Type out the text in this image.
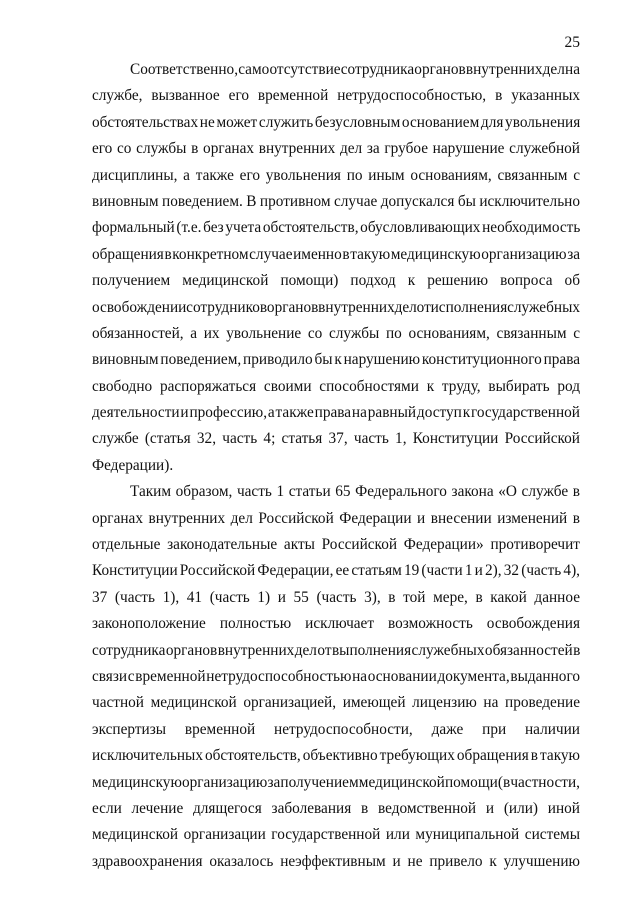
25
Соответственно, само отсутствие сотрудника органов внутренних дел на
службе, вызванное его временной нетрудоспособностью, в указанных
обстоятельствах не может служить безусловным основанием для увольнения
его со службы в органах внутренних дел за грубое нарушение служебной
дисциплины, а также его увольнения по иным основаниям, связанным с
виновным поведением. В противном случае допускался бы исключительно
формальный (т.е. без учета обстоятельств, обусловливающих необходимость
обращения в конкретном случае именно в такую медицинскую организацию за
получением медицинской помощи) подход к решению вопроса об
освобождении сотрудников органов внутренних дел от исполнения служебных
обязанностей, а их увольнение со службы по основаниям, связанным с
виновным поведением, приводило бы к нарушению конституционного права
свободно распоряжаться своими способностями к труду, выбирать род
деятельности и профессию, а также права на равный доступ к государственной
службе (статья 32, часть 4; статья 37, часть 1, Конституции Российской
Федерации).
Таким образом, часть 1 статьи 65 Федерального закона «О службе в
органах внутренних дел Российской Федерации и внесении изменений в
отдельные законодательные акты Российской Федерации» противоречит
Конституции Российской Федерации, ее статьям 19 (части 1 и 2), 32 (часть 4),
37 (часть 1), 41 (часть 1) и 55 (часть 3), в той мере, в какой данное
законоположение полностью исключает возможность освобождения
сотрудника органов внутренних дел от выполнения служебных обязанностей в
связи с временной нетрудоспособностью на основании документа, выданного
частной медицинской организацией, имеющей лицензию на проведение
экспертизы временной нетрудоспособности, даже при наличии
исключительных обстоятельств, объективно требующих обращения в такую
медицинскую организацию за получением медицинской помощи (в частности,
если лечение длящегося заболевания в ведомственной и (или) иной
медицинской организации государственной или муниципальной системы
здравоохранения оказалось неэффективным и не привело к улучшению
